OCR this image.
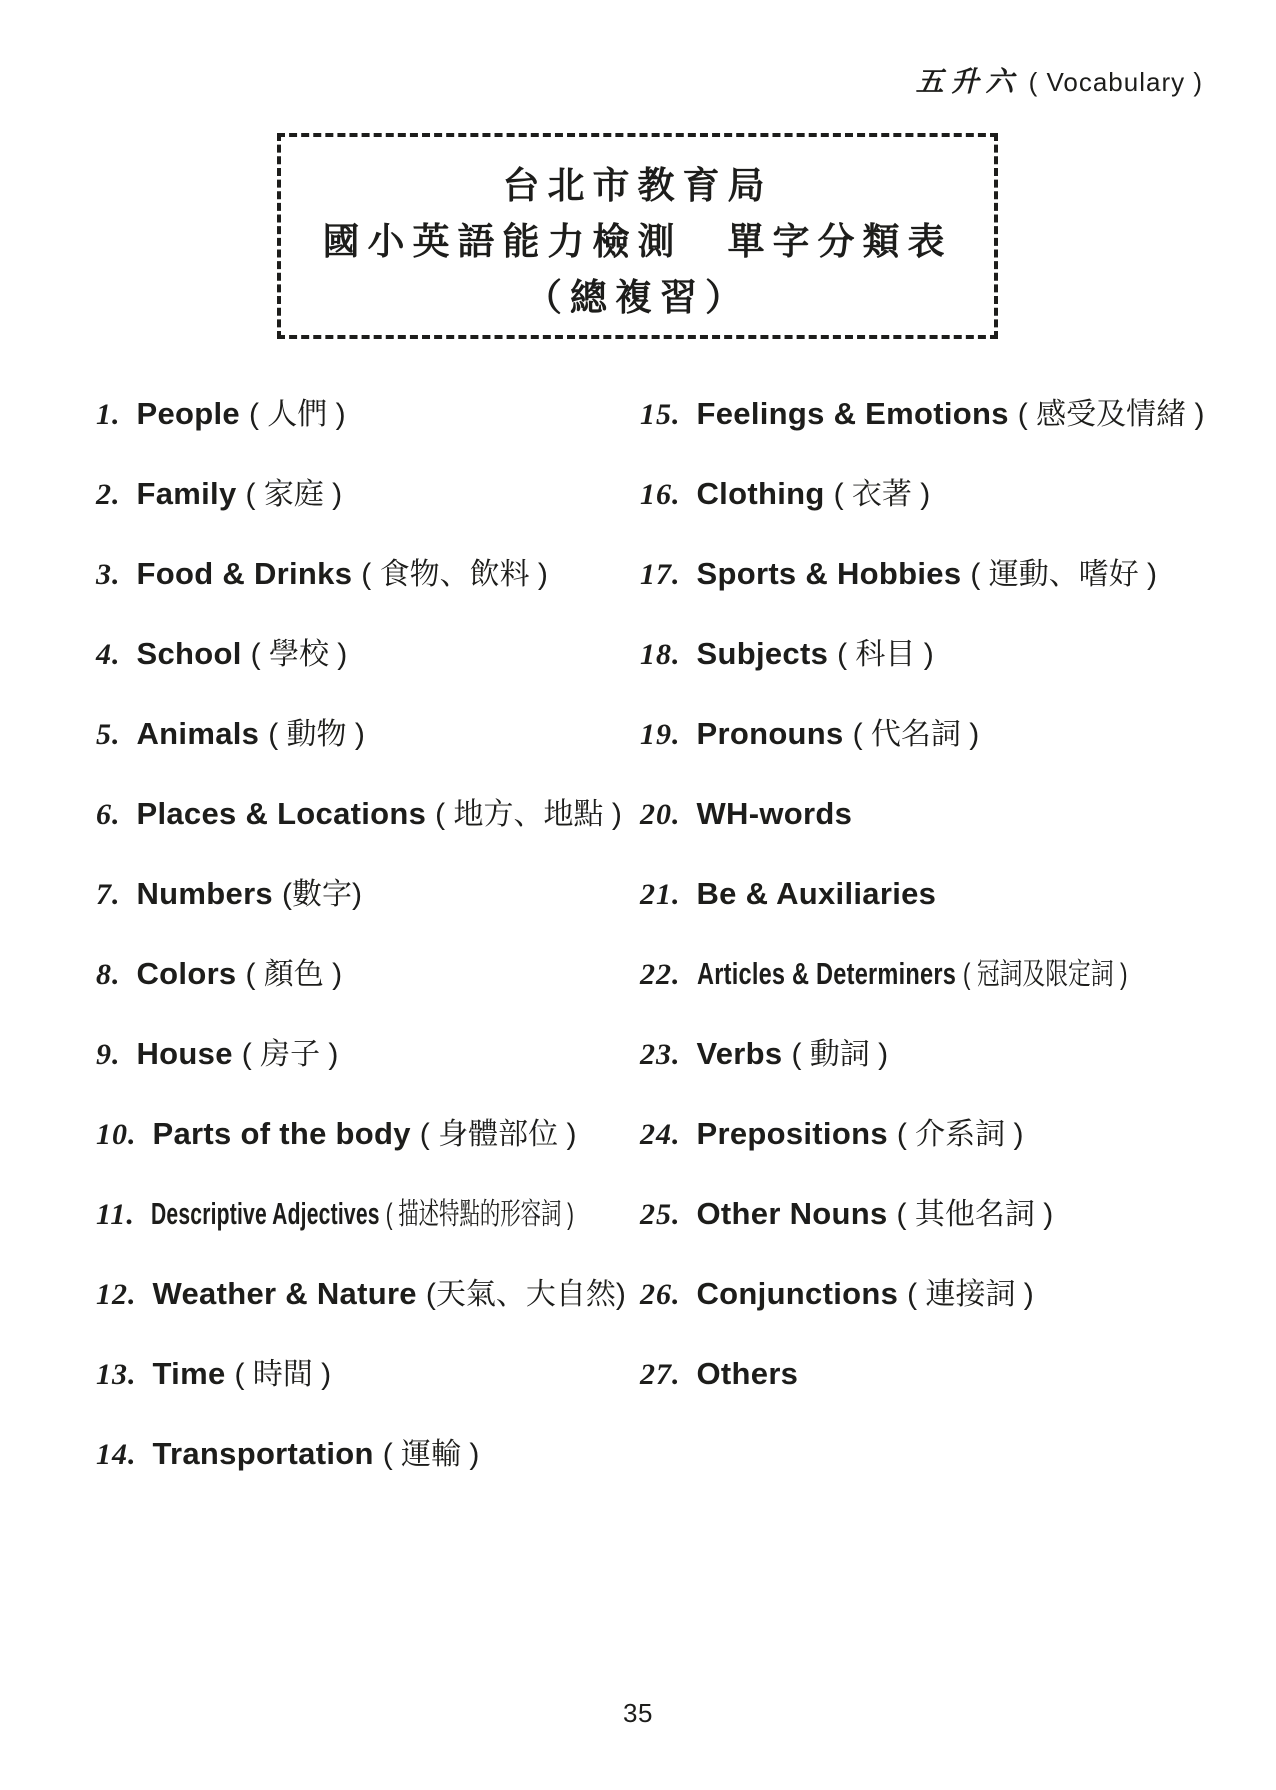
五升六 ( Vocabulary )
台北市教育局
國小英語能力檢測　單字分類表
（總複習）
1. People ( 人們 )
2. Family ( 家庭 )
3. Food & Drinks ( 食物、飲料 )
4. School ( 學校 )
5. Animals ( 動物 )
6. Places & Locations ( 地方、地點 )
7. Numbers (數字)
8. Colors ( 顏色 )
9. House ( 房子 )
10. Parts of the body ( 身體部位 )
11. Descriptive Adjectives ( 描述特點的形容詞 )
12. Weather & Nature (天氣、大自然)
13. Time ( 時間 )
14. Transportation ( 運輸 )
15. Feelings & Emotions ( 感受及情緒 )
16. Clothing ( 衣著 )
17. Sports & Hobbies ( 運動、嗜好 )
18. Subjects ( 科目 )
19. Pronouns ( 代名詞 )
20. WH-words
21. Be & Auxiliaries
22. Articles & Determiners ( 冠詞及限定詞 )
23. Verbs ( 動詞 )
24. Prepositions ( 介系詞 )
25. Other Nouns ( 其他名詞 )
26. Conjunctions ( 連接詞 )
27. Others
35
